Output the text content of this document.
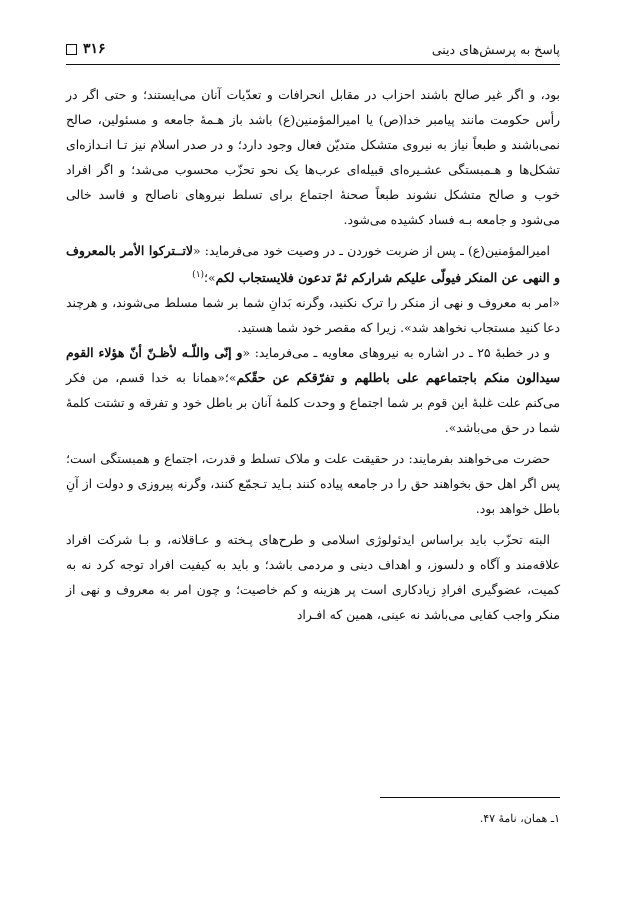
۳۱۶	پاسخ به پرسش‌های دینی

بود، و اگر غیر صالح باشند احزاب در مقابل انحرافات و تعدّیات آنان می‌ایستند؛ و حتی اگر در رأس حکومت مانند پیامبر خدا(ص) یا امیرالمؤمنین(ع) باشد باز هـمهٔ جامعه و مسئولین، صالح نمی‌باشند و طبعاً نیاز به نیروی متشکل متدیّن فعال وجود دارد؛ و در صدر اسلام نیز تـا انـدازه‌ای تشکل‌ها و هـمبستگی عشـیره‌ای قبیله‌ای عرب‌ها یک نحو تحزّب محسوب می‌شد؛ و اگر افراد خوب و صالح متشکل نشوند طبعاً صحنهٔ اجتماع برای تسلط نیروهای ناصالح و فاسد خالی می‌شود و جامعه بـه فساد کشیده می‌شود.

امیرالمؤمنین(ع) ـ پس از ضربت خوردن ـ در وصیت خود می‌فرماید: «لاتــترکوا الأمر بالمعروف و النهی عن المنکر فیولّی علیکم شرارکم ثمّ تدعون فلایستجاب لکم»؛$^{(۱)}$

«امر به معروف و نهی از منکر را ترک نکنید، وگرنه بَدانِ شما بر شما مسلط می‌شوند، و هرچند دعا کنید مستجاب نخواهد شد». زیرا که مقصر خود شما هستید.

و در خطبهٔ ۲۵ ـ در اشاره به نیروهای معاویه ـ می‌فرماید: «و إنّی واللّـه لأظـنّ أنّ هؤلاء القوم سیدالون منکم باجتماعهم علی باطلهم و تفرّقکم عن حقّکم»؛«همانا به خدا قسم، من فکر می‌کنم علت غلبهٔ این قوم بر شما اجتماع و وحدت کلمهٔ آنان بر باطل خود و تفرقه و تشتت کلمهٔ شما در حق می‌باشد».

حضرت می‌خواهند بفرمایند: در حقیقت علت و ملاک تسلط و قدرت، اجتماع و همبستگی است؛ پس اگر اهل حق بخواهند حق را در جامعه پیاده کنند بـاید تـجمّع کنند، وگرنه پیروزی و دولت از آنِ باطل خواهد بود.

البته تحزّب باید براساس ایدئولوژی اسلامی و طرح‌های پـخته و عـاقلانه، و بـا شرکت افراد علاقه‌مند و آگاه و دلسوز، و اهداف دینی و مردمی باشد؛ و باید به کیفیت افراد توجه کرد نه به کمیت، عضوگیری افرادِ زیادکاری است پر هزینه و کم خاصیت؛ و چون امر به معروف و نهی از منکر واجب کفایی می‌باشد نه عینی، همین که افـراد

۱ـ همان، نامهٔ ۴۷.
